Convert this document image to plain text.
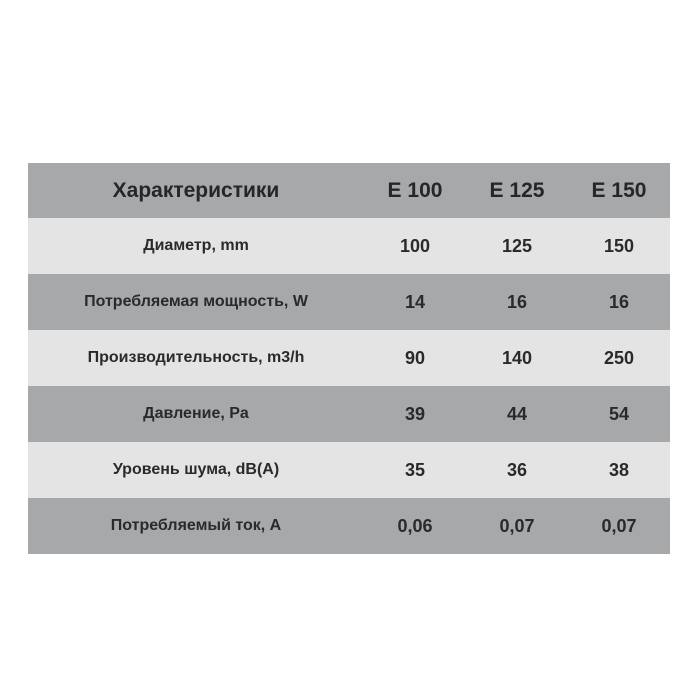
Характеристики	E 100	E 125	E 150
Диаметр, mm	100	125	150
Потребляемая мощность, W	14	16	16
Производительность, m3/h	90	140	250
Давление, Pa	39	44	54
Уровень шума, dB(A)	35	36	38
Потребляемый ток, A	0,06	0,07	0,07
